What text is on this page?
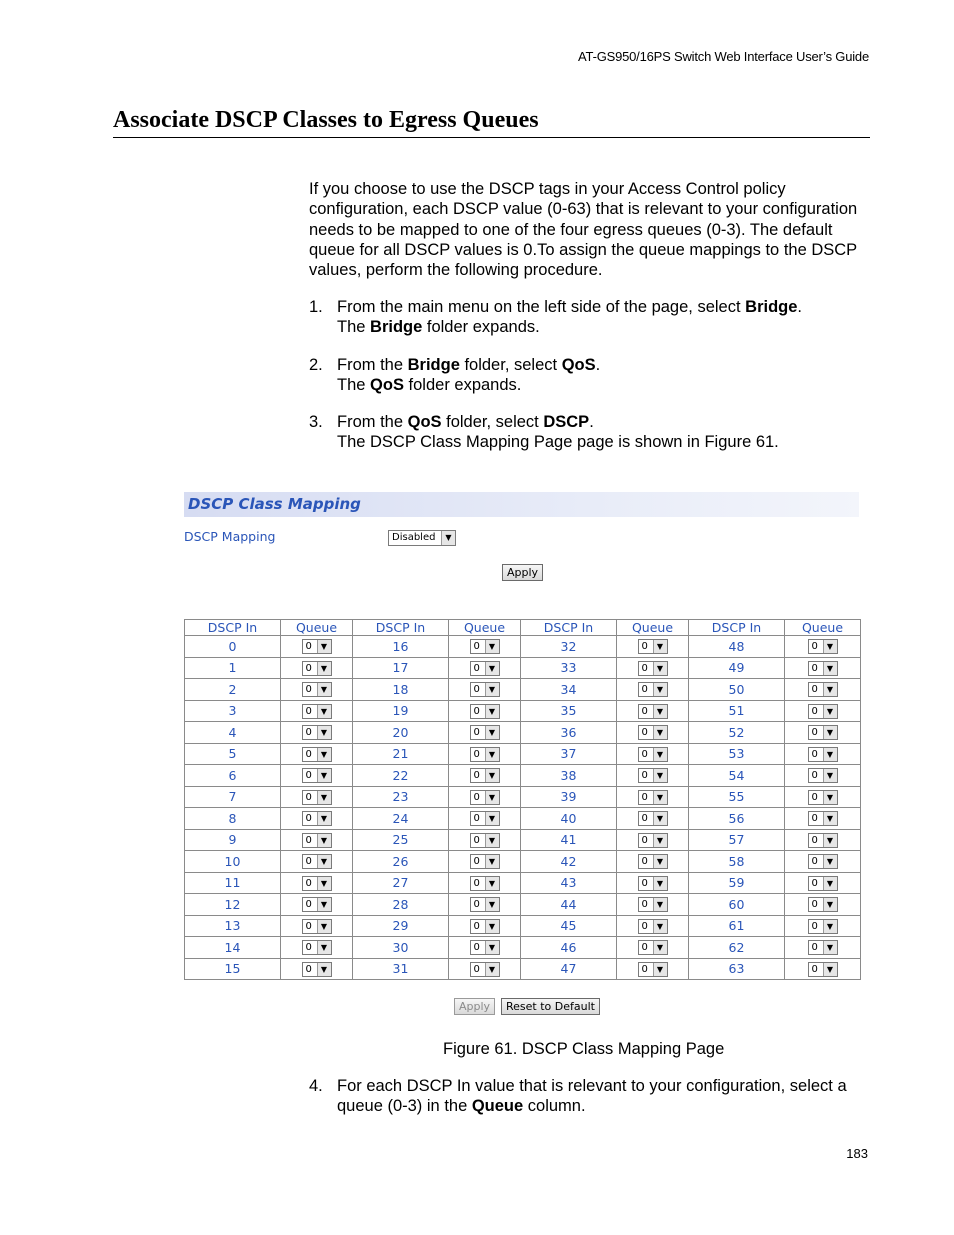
AT-GS950/16PS Switch Web Interface User’s Guide
Associate DSCP Classes to Egress Queues
If you choose to use the DSCP tags in your Access Control policy configuration, each DSCP value (0-63) that is relevant to your configuration needs to be mapped to one of the four egress queues (0-3). The default queue for all DSCP values is 0.To assign the queue mappings to the DSCP values, perform the following procedure.
1. From the main menu on the left side of the page, select Bridge.
The Bridge folder expands.
2. From the Bridge folder, select QoS.
The QoS folder expands.
3. From the QoS folder, select DSCP.
The DSCP Class Mapping Page page is shown in Figure 61.
DSCP Class Mapping
DSCP Mapping	Disabled	▼
Apply
DSCP In	Queue	DSCP In	Queue	DSCP In	Queue	DSCP In	Queue
0	0 ▼	16	0 ▼	32	0 ▼	48	0 ▼

1	0 ▼	17	0 ▼	33	0 ▼	49	0 ▼

2	0 ▼	18	0 ▼	34	0 ▼	50	0 ▼

3	0 ▼	19	0 ▼	35	0 ▼	51	0 ▼

4	0 ▼	20	0 ▼	36	0 ▼	52	0 ▼

5	0 ▼	21	0 ▼	37	0 ▼	53	0 ▼

6	0 ▼	22	0 ▼	38	0 ▼	54	0 ▼

7	0 ▼	23	0 ▼	39	0 ▼	55	0 ▼

8	0 ▼	24	0 ▼	40	0 ▼	56	0 ▼

9	0 ▼	25	0 ▼	41	0 ▼	57	0 ▼

10	0 ▼	26	0 ▼	42	0 ▼	58	0 ▼

11	0 ▼	27	0 ▼	43	0 ▼	59	0 ▼

12	0 ▼	28	0 ▼	44	0 ▼	60	0 ▼

13	0 ▼	29	0 ▼	45	0 ▼	61	0 ▼

14	0 ▼	30	0 ▼	46	0 ▼	62	0 ▼

15	0 ▼	31	0 ▼	47	0 ▼	63	0 ▼
Apply	Reset to Default
Figure 61. DSCP Class Mapping Page
4. For each DSCP In value that is relevant to your configuration, select a queue (0-3) in the Queue column.
183
